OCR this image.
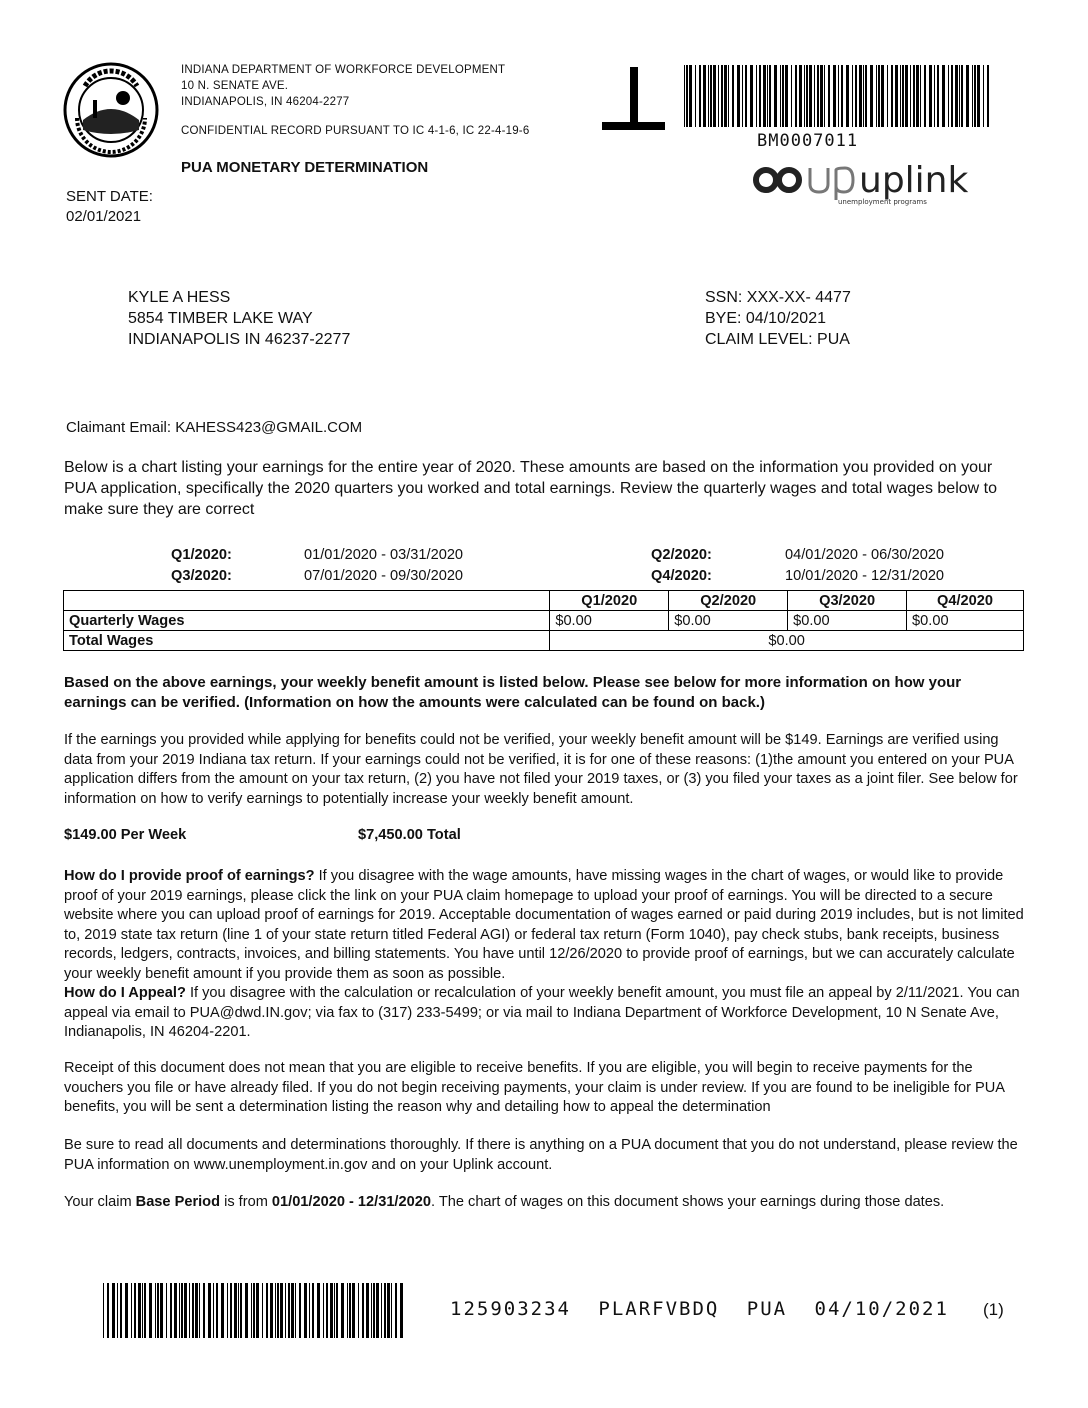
INDIANA DEPARTMENT OF WORKFORCE DEVELOPMENT
10 N. SENATE AVE.
INDIANAPOLIS, IN 46204-2277
CONFIDENTIAL RECORD PURSUANT TO IC 4-1-6, IC 22-4-19-6
PUA MONETARY DETERMINATION
SENT DATE:
02/01/2021
BM0007011
uplink
unemployment programs
KYLE A HESS
5854 TIMBER LAKE WAY
INDIANAPOLIS IN 46237-2277
SSN: XXX-XX- 4477
BYE: 04/10/2021
CLAIM LEVEL: PUA
Claimant Email: KAHESS423@GMAIL.COM
Below is a chart listing your earnings for the entire year of 2020. These amounts are based on the information you provided on your PUA application, specifically the 2020 quarters you worked and total earnings. Review the quarterly wages and total wages below to make sure they are correct
Q1/2020:	01/01/2020 - 03/31/2020	Q2/2020:	04/01/2020 - 06/30/2020
Q3/2020:	07/01/2020 - 09/30/2020	Q4/2020:	10/01/2020 - 12/31/2020
	Q1/2020	Q2/2020	Q3/2020	Q4/2020
Quarterly Wages	$0.00	$0.00	$0.00	$0.00
Total Wages	$0.00			
Based on the above earnings, your weekly benefit amount is listed below. Please see below for more information on how your earnings can be verified. (Information on how the amounts were calculated can be found on back.)
If the earnings you provided while applying for benefits could not be verified, your weekly benefit amount will be $149. Earnings are verified using data from your 2019 Indiana tax return. If your earnings could not be verified, it is for one of these reasons: (1)the amount you entered on your PUA application differs from the amount on your tax return, (2) you have not filed your 2019 taxes, or (3) you filed your taxes as a joint filer. See below for information on how to verify earnings to potentially increase your weekly benefit amount.
$149.00 Per Week	$7,450.00 Total

How do I provide proof of earnings? If you disagree with the wage amounts, have missing wages in the chart of wages, or would like to provide proof of your 2019 earnings, please click the link on your PUA claim homepage to upload your proof of earnings. You will be directed to a secure website where you can upload proof of earnings for 2019. Acceptable documentation of wages earned or paid during 2019 includes, but is not limited to, 2019 state tax return (line 1 of your state return titled Federal AGI) or federal tax return (Form 1040), pay check stubs, bank receipts, business records, ledgers, contracts, invoices, and billing statements. You have until 12/26/2020 to provide proof of earnings, but we can accurately calculate your weekly benefit amount if you provide them as soon as possible.

How do I Appeal? If you disagree with the calculation or recalculation of your weekly benefit amount, you must file an appeal by 2/11/2021. You can appeal via email to PUA@dwd.IN.gov; via fax to (317) 233-5499; or via mail to Indiana Department of Workforce Development, 10 N Senate Ave, Indianapolis, IN 46204-2201.

Receipt of this document does not mean that you are eligible to receive benefits. If you are eligible, you will begin to receive payments for the vouchers you file or have already filed. If you do not begin receiving payments, your claim is under review. If you are found to be ineligible for PUA benefits, you will be sent a determination listing the reason why and detailing how to appeal the determination
Be sure to read all documents and determinations thoroughly. If there is anything on a PUA document that you do not understand, please review the PUA information on www.unemployment.in.gov and on your Uplink account.
Your claim Base Period is from 01/01/2020 - 12/31/2020. The chart of wages on this document shows your earnings during those dates.
125903234 PLARFVBDQ PUA 04/10/2021 (1)
